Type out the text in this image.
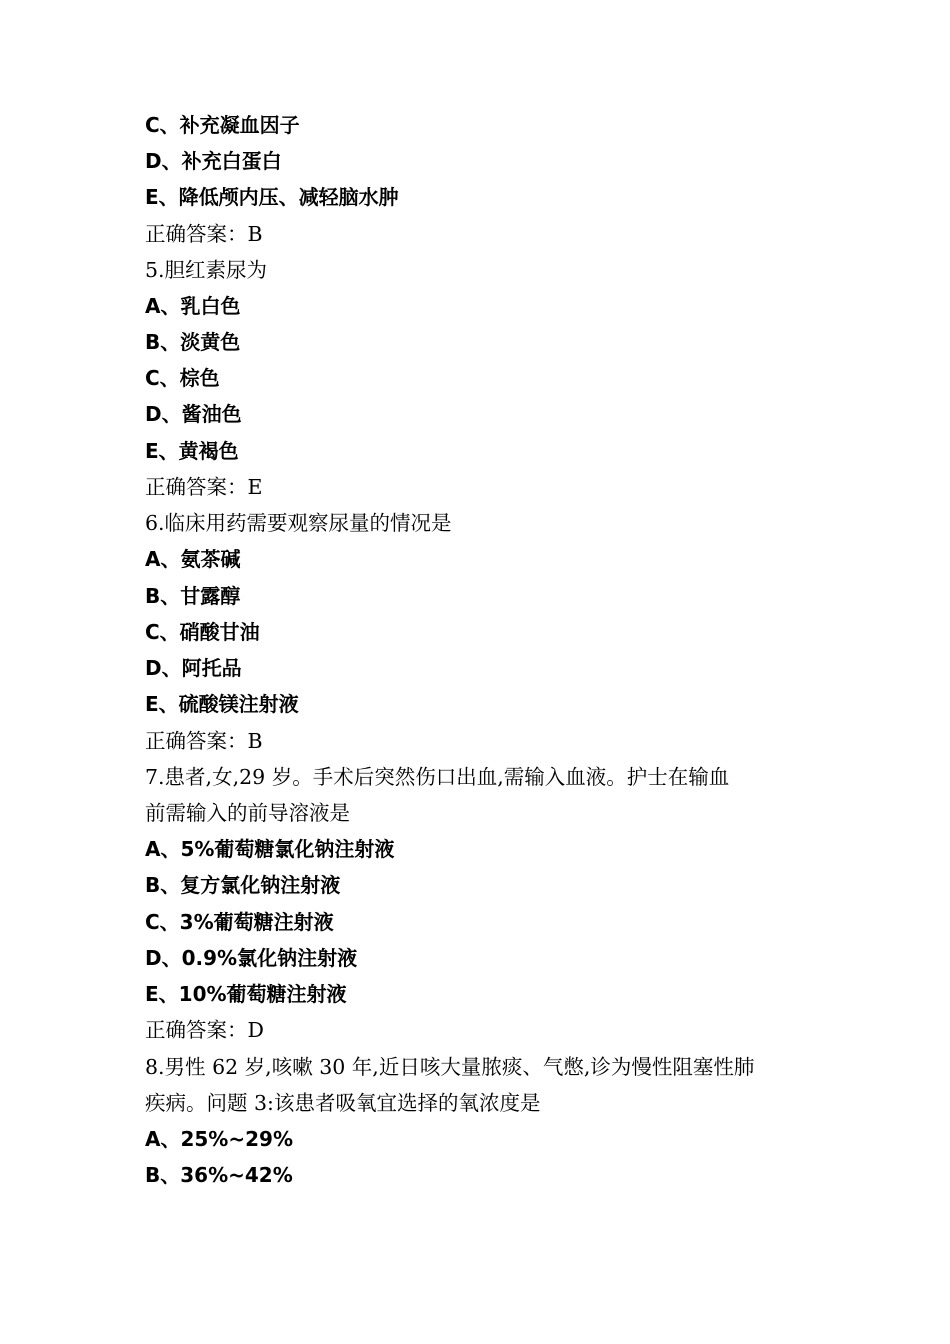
C、补充凝血因子
D、补充白蛋白
E、降低颅内压、减轻脑水肿
正确答案：B
5.胆红素尿为
A、乳白色
B、淡黄色
C、棕色
D、酱油色
E、黄褐色
正确答案：E
6.临床用药需要观察尿量的情况是
A、氨茶碱
B、甘露醇
C、硝酸甘油
D、阿托品
E、硫酸镁注射液
正确答案：B
7.患者,女,29 岁。手术后突然伤口出血,需输入血液。护士在输血
前需输入的前导溶液是
A、5%葡萄糖氯化钠注射液
B、复方氯化钠注射液
C、3%葡萄糖注射液
D、0.9%氯化钠注射液
E、10%葡萄糖注射液
正确答案：D
8.男性 62 岁,咳嗽 30 年,近日咳大量脓痰、气憋,诊为慢性阻塞性肺
疾病。问题 3:该患者吸氧宜选择的氧浓度是
A、25%~29%
B、36%~42%
